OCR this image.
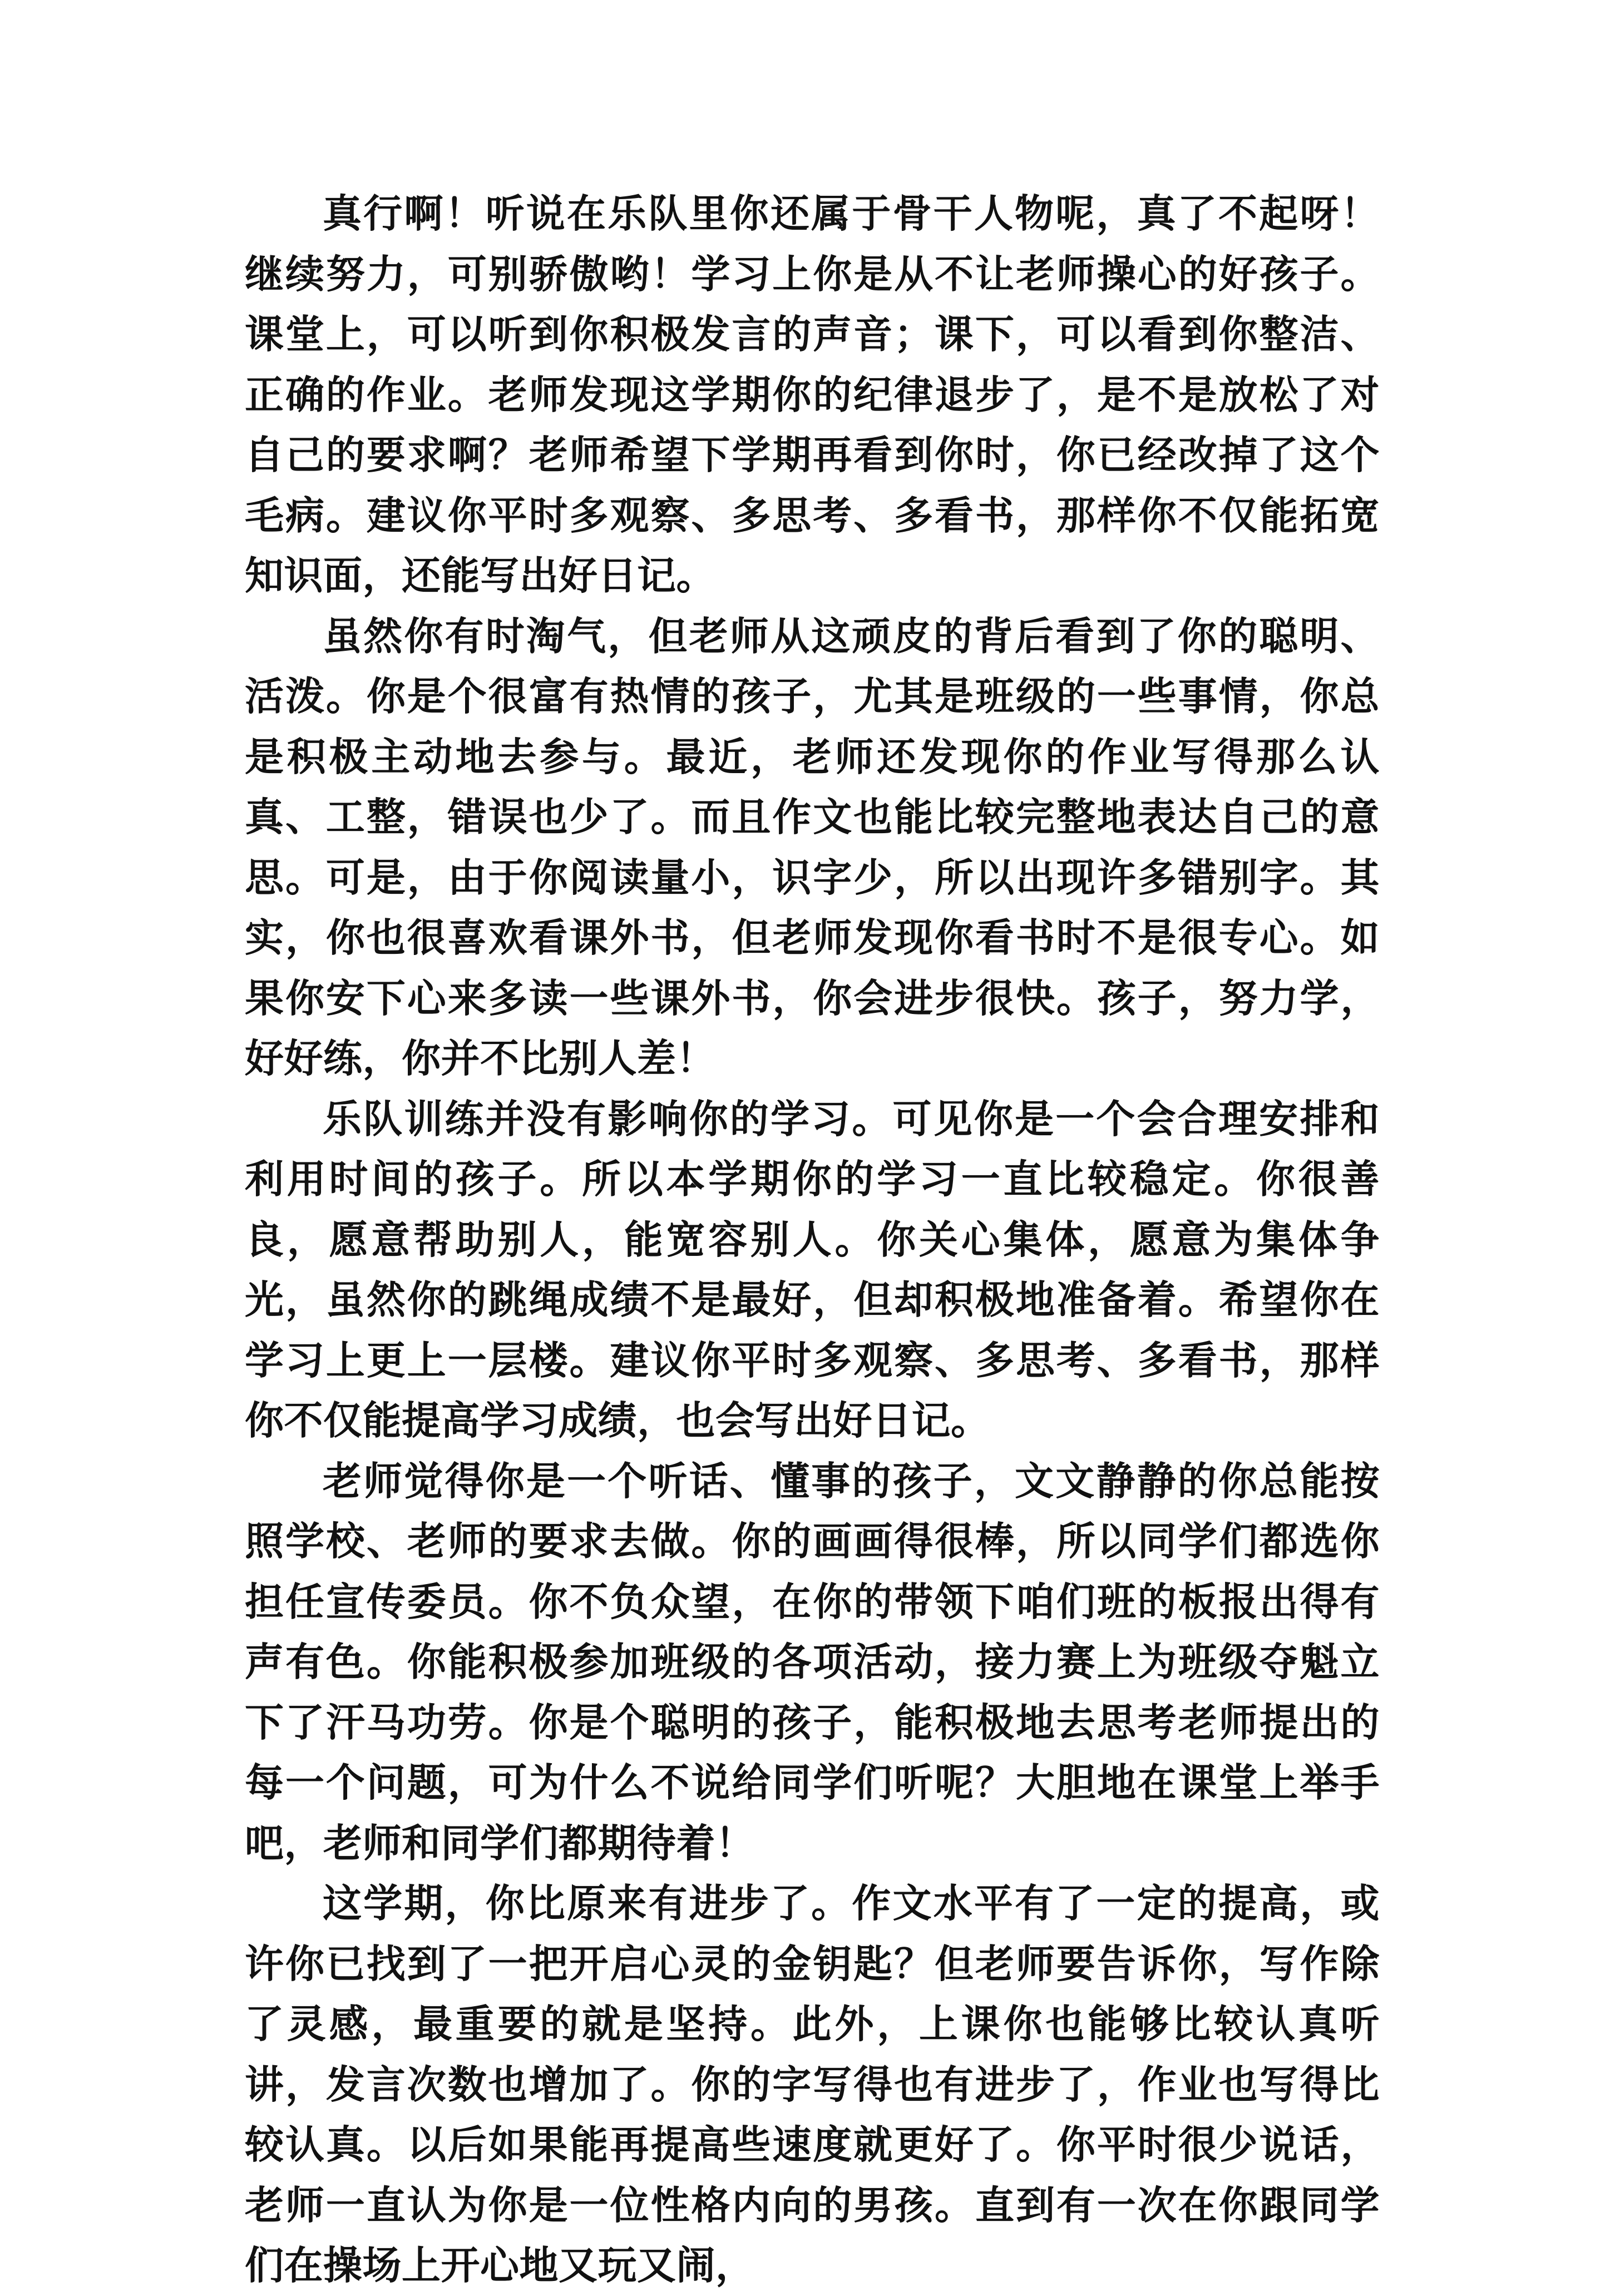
真行啊！听说在乐队里你还属于骨干人物呢，真了不起呀！继续努力，可别骄傲哟！学习上你是从不让老师操心的好孩子。课堂上，可以听到你积极发言的声音；课下，可以看到你整洁、正确的作业。老师发现这学期你的纪律退步了，是不是放松了对自己的要求啊？老师希望下学期再看到你时，你已经改掉了这个毛病。建议你平时多观察、多思考、多看书，那样你不仅能拓宽知识面，还能写出好日记。

虽然你有时淘气，但老师从这顽皮的背后看到了你的聪明、活泼。你是个很富有热情的孩子，尤其是班级的一些事情，你总是积极主动地去参与。最近，老师还发现你的作业写得那么认真、工整，错误也少了。而且作文也能比较完整地表达自己的意思。可是，由于你阅读量小，识字少，所以出现许多错别字。其实，你也很喜欢看课外书，但老师发现你看书时不是很专心。如果你安下心来多读一些课外书，你会进步很快。孩子，努力学，好好练，你并不比别人差！

乐队训练并没有影响你的学习。可见你是一个会合理安排和利用时间的孩子。所以本学期你的学习一直比较稳定。你很善良，愿意帮助别人，能宽容别人。你关心集体，愿意为集体争光，虽然你的跳绳成绩不是最好，但却积极地准备着。希望你在学习上更上一层楼。建议你平时多观察、多思考、多看书，那样你不仅能提高学习成绩，也会写出好日记。

老师觉得你是一个听话、懂事的孩子，文文静静的你总能按照学校、老师的要求去做。你的画画得很棒，所以同学们都选你担任宣传委员。你不负众望，在你的带领下咱们班的板报出得有声有色。你能积极参加班级的各项活动，接力赛上为班级夺魁立下了汗马功劳。你是个聪明的孩子，能积极地去思考老师提出的每一个问题，可为什么不说给同学们听呢？大胆地在课堂上举手吧，老师和同学们都期待着！

这学期，你比原来有进步了。作文水平有了一定的提高，或许你已找到了一把开启心灵的金钥匙？但老师要告诉你，写作除了灵感，最重要的就是坚持。此外，上课你也能够比较认真听讲，发言次数也增加了。你的字写得也有进步了，作业也写得比较认真。以后如果能再提高些速度就更好了。你平时很少说话，老师一直认为你是一位性格内向的男孩。直到有一次在你跟同学们在操场上开心地又玩又闹，
